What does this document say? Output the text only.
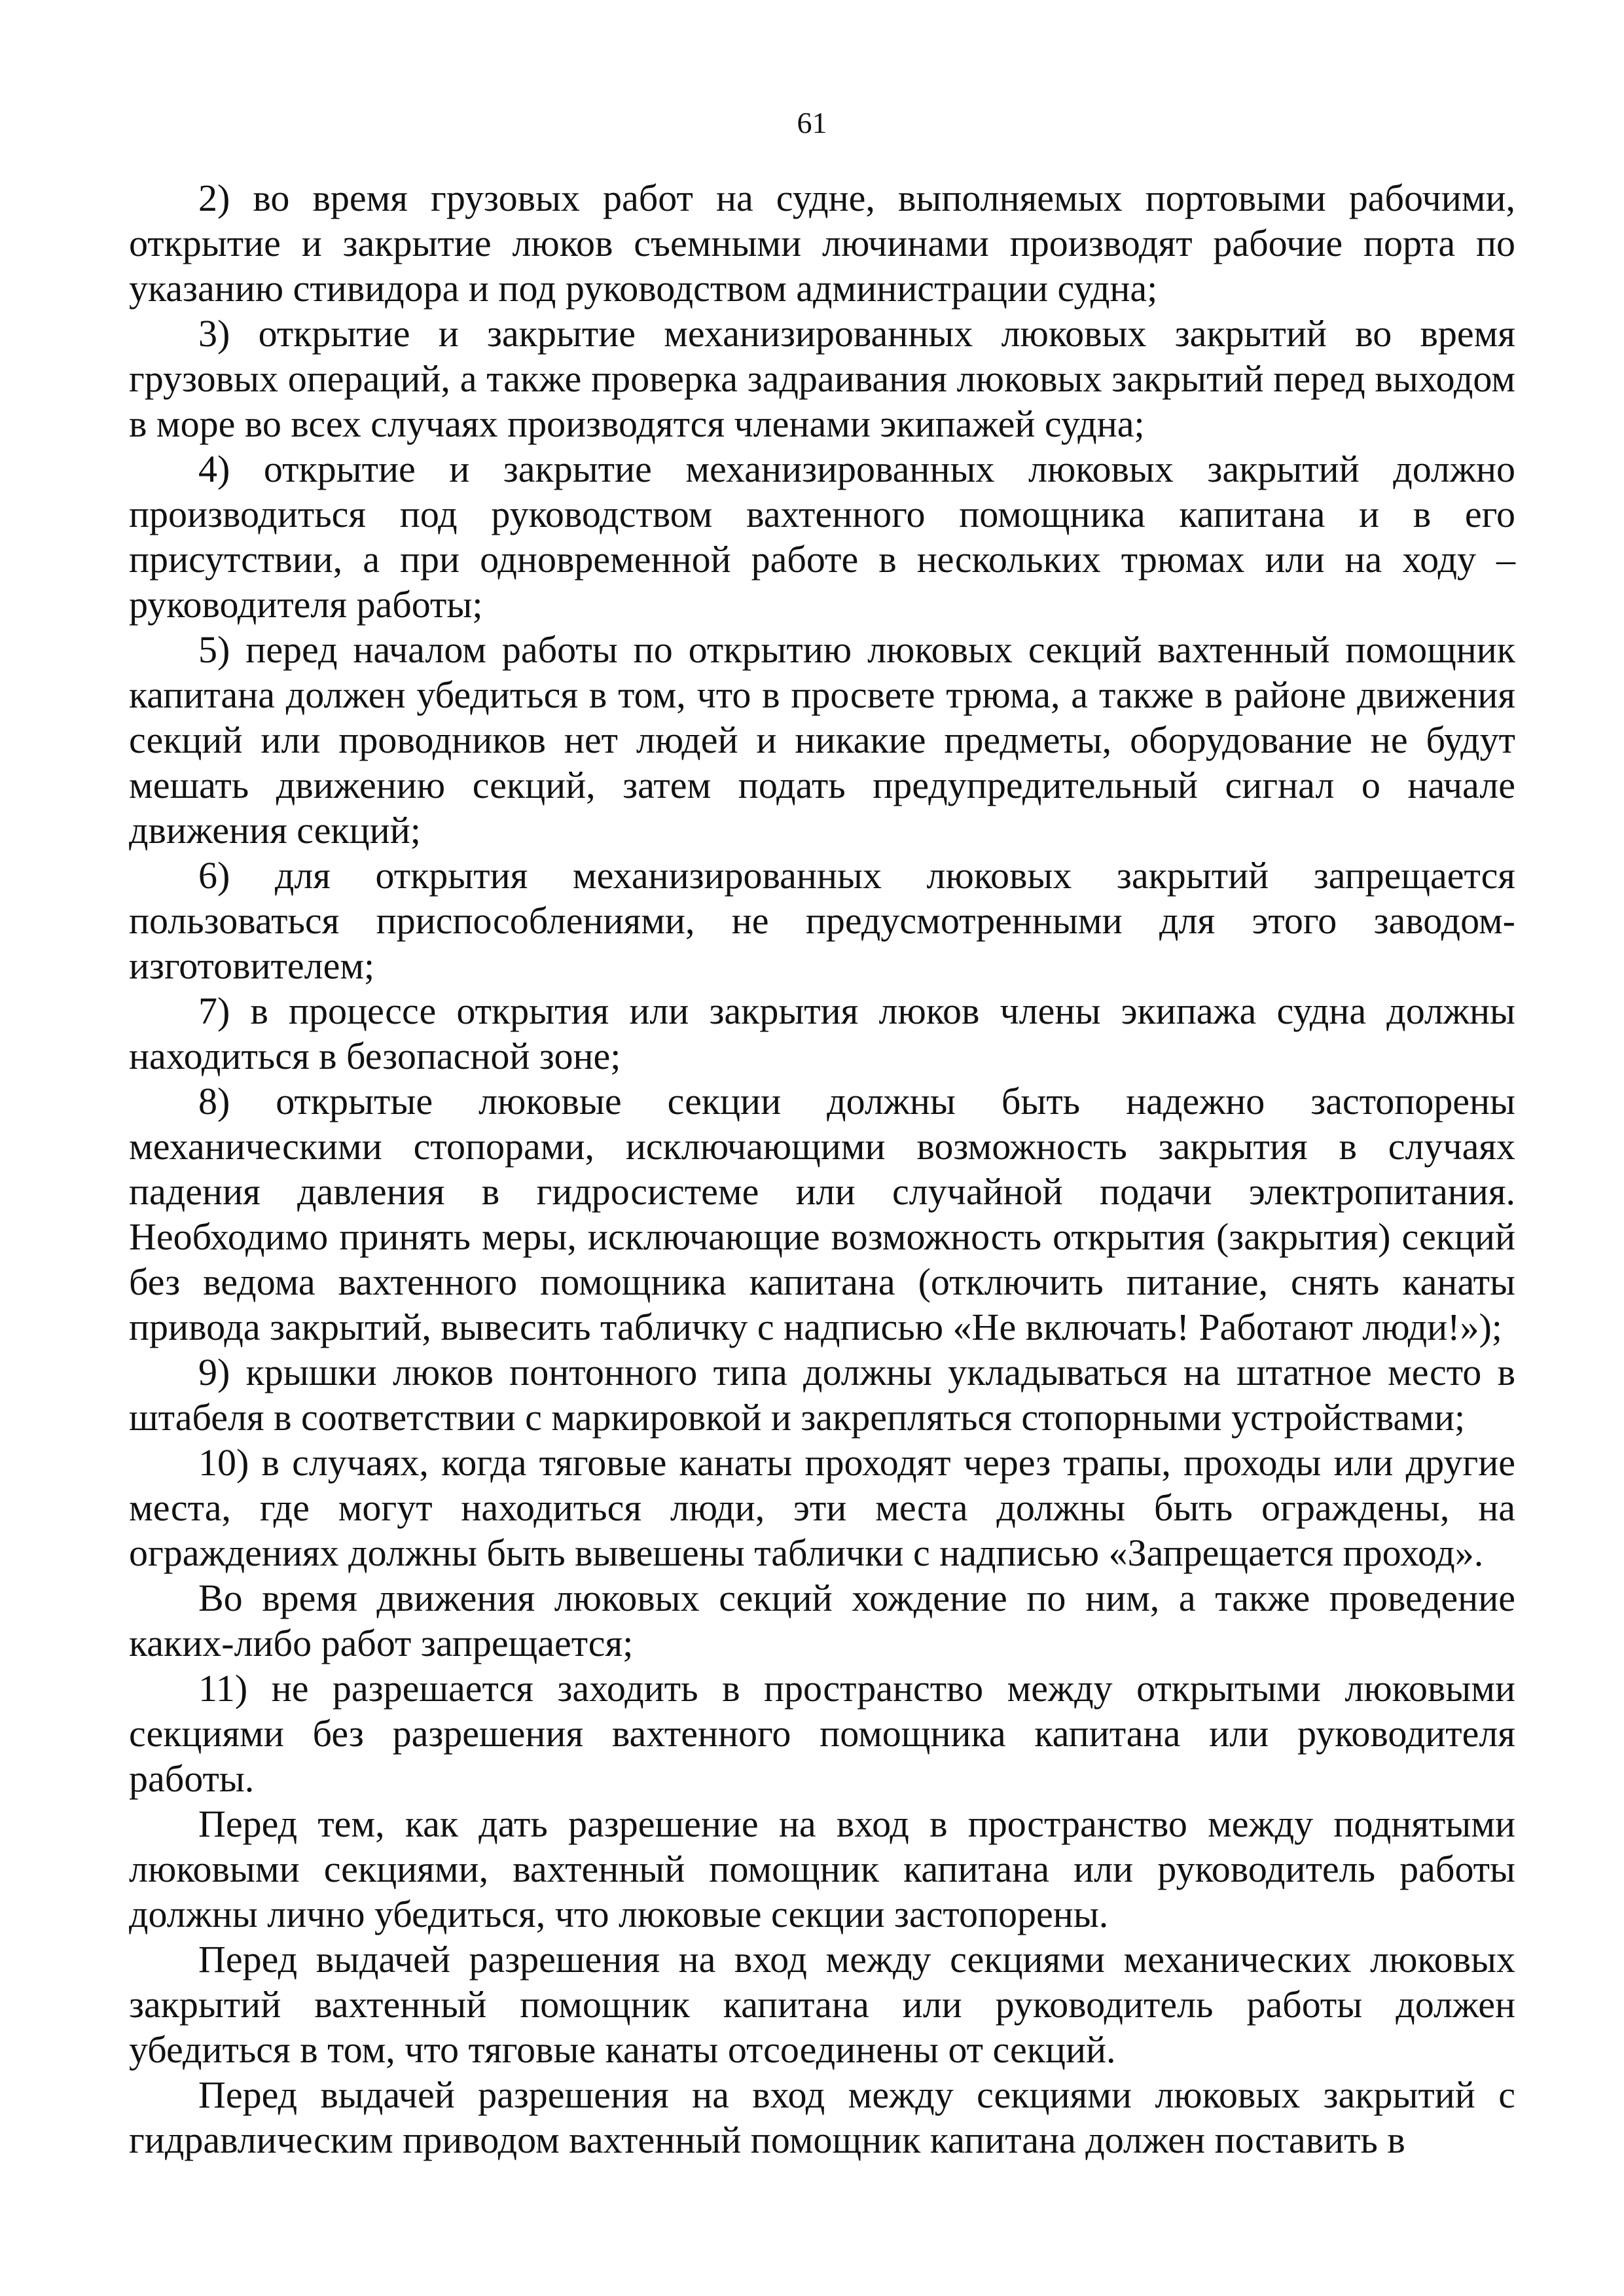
61

2) во время грузовых работ на судне, выполняемых портовыми рабочими, открытие и закрытие люков съемными лючинами производят рабочие порта по указанию стивидора и под руководством администрации судна;

3) открытие и закрытие механизированных люковых закрытий во время грузовых операций, а также проверка задраивания люковых закрытий перед выходом в море во всех случаях производятся членами экипажей судна;

4) открытие и закрытие механизированных люковых закрытий должно производиться под руководством вахтенного помощника капитана и в его присутствии, а при одновременной работе в нескольких трюмах или на ходу – руководителя работы;

5) перед началом работы по открытию люковых секций вахтенный помощник капитана должен убедиться в том, что в просвете трюма, а также в районе движения секций или проводников нет людей и никакие предметы, оборудование не будут мешать движению секций, затем подать предупредительный сигнал о начале движения секций;

6) для открытия механизированных люковых закрытий запрещается пользоваться приспособлениями, не предусмотренными для этого заводом-изготовителем;

7) в процессе открытия или закрытия люков члены экипажа судна должны находиться в безопасной зоне;

8) открытые люковые секции должны быть надежно застопорены механическими стопорами, исключающими возможность закрытия в случаях падения давления в гидросистеме или случайной подачи электропитания. Необходимо принять меры, исключающие возможность открытия (закрытия) секций без ведома вахтенного помощника капитана (отключить питание, снять канаты привода закрытий, вывесить табличку с надписью «Не включать! Работают люди!»);

9) крышки люков понтонного типа должны укладываться на штатное место в штабеля в соответствии с маркировкой и закрепляться стопорными устройствами;

10) в случаях, когда тяговые канаты проходят через трапы, проходы или другие места, где могут находиться люди, эти места должны быть ограждены, на ограждениях должны быть вывешены таблички с надписью «Запрещается проход».

Во время движения люковых секций хождение по ним, а также проведение каких-либо работ запрещается;

11) не разрешается заходить в пространство между открытыми люковыми секциями без разрешения вахтенного помощника капитана или руководителя работы.

Перед тем, как дать разрешение на вход в пространство между поднятыми люковыми секциями, вахтенный помощник капитана или руководитель работы должны лично убедиться, что люковые секции застопорены.

Перед выдачей разрешения на вход между секциями механических люковых закрытий вахтенный помощник капитана или руководитель работы должен убедиться в том, что тяговые канаты отсоединены от секций.

Перед выдачей разрешения на вход между секциями люковых закрытий с гидравлическим приводом вахтенный помощник капитана должен поставить в
